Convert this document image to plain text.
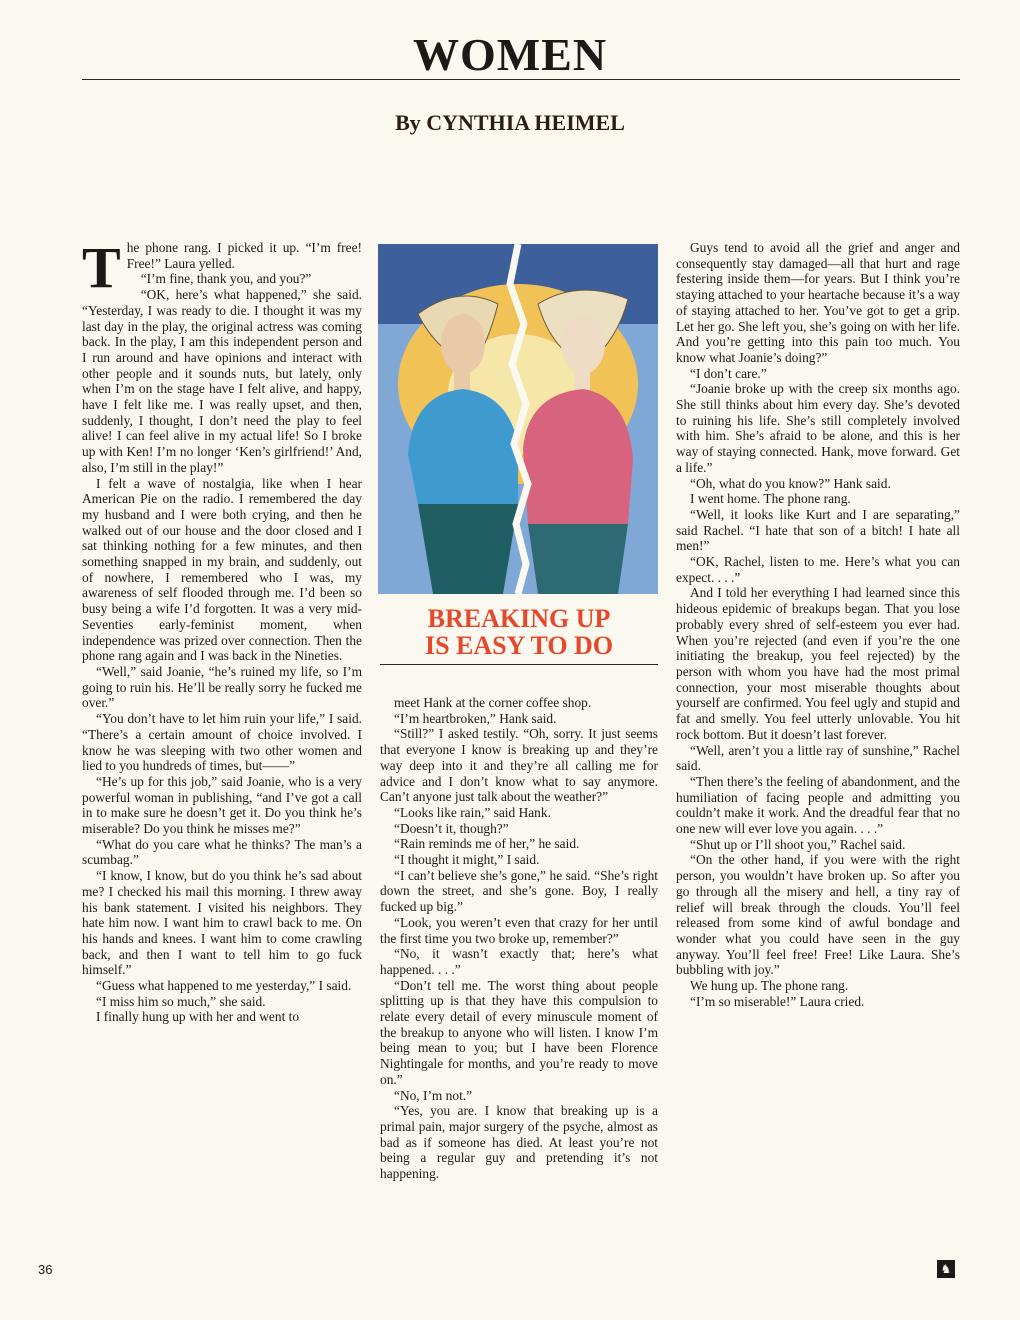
WOMEN
By CYNTHIA HEIMEL
T he phone rang. I picked it up. “I’m free! Free!” Laura yelled.

“I’m fine, thank you, and you?”

“OK, here’s what happened,” she said. “Yesterday, I was ready to die. I thought it was my last day in the play, the original actress was coming back. In the play, I am this independent person and I run around and have opinions and interact with other people and it sounds nuts, but lately, only when I’m on the stage have I felt alive, and happy, have I felt like me. I was really upset, and then, suddenly, I thought, I don’t need the play to feel alive! I can feel alive in my actual life! So I broke up with Ken! I’m no longer ‘Ken’s girlfriend!’ And, also, I’m still in the play!”

I felt a wave of nostalgia, like when I hear American Pie on the radio. I remembered the day my husband and I were both crying, and then he walked out of our house and the door closed and I sat thinking nothing for a few minutes, and then something snapped in my brain, and suddenly, out of nowhere, I remembered who I was, my awareness of self flooded through me. I’d been so busy being a wife I’d forgotten. It was a very mid-Seventies early-feminist moment, when independence was prized over connection. Then the phone rang again and I was back in the Nineties.

“Well,” said Joanie, “he’s ruined my life, so I’m going to ruin his. He’ll be really sorry he fucked me over.”

“You don’t have to let him ruin your life,” I said. “There’s a certain amount of choice involved. I know he was sleeping with two other women and lied to you hundreds of times, but——”

“He’s up for this job,” said Joanie, who is a very powerful woman in publishing, “and I’ve got a call in to make sure he doesn’t get it. Do you think he’s miserable? Do you think he misses me?”

“What do you care what he thinks? The man’s a scumbag.”

“I know, I know, but do you think he’s sad about me? I checked his mail this morning. I threw away his bank statement. I visited his neighbors. They hate him now. I want him to crawl back to me. On his hands and knees. I want him to come crawling back, and then I want to tell him to go fuck himself.”

“Guess what happened to me yesterday,” I said.

“I miss him so much,” she said.

I finally hung up with her and went to

BREAKING UP
IS EASY TO DO

meet Hank at the corner coffee shop.

“I’m heartbroken,” Hank said.

“Still?” I asked testily. “Oh, sorry. It just seems that everyone I know is breaking up and they’re way deep into it and they’re all calling me for advice and I don’t know what to say anymore. Can’t anyone just talk about the weather?”

“Looks like rain,” said Hank.

“Doesn’t it, though?”

“Rain reminds me of her,” he said.

“I thought it might,” I said.

“I can’t believe she’s gone,” he said. “She’s right down the street, and she’s gone. Boy, I really fucked up big.”

“Look, you weren’t even that crazy for her until the first time you two broke up, remember?”

“No, it wasn’t exactly that; here’s what happened. . . .”

“Don’t tell me. The worst thing about people splitting up is that they have this compulsion to relate every detail of every minuscule moment of the breakup to anyone who will listen. I know I’m being mean to you; but I have been Florence Nightingale for months, and you’re ready to move on.”

“No, I’m not.”

“Yes, you are. I know that breaking up is a primal pain, major surgery of the psyche, almost as bad as if someone has died. At least you’re not being a regular guy and pretending it’s not happening.

Guys tend to avoid all the grief and anger and consequently stay damaged—all that hurt and rage festering inside them—for years. But I think you’re staying attached to your heartache because it’s a way of staying attached to her. You’ve got to get a grip. Let her go. She left you, she’s going on with her life. And you’re getting into this pain too much. You know what Joanie’s doing?”

“I don’t care.”

“Joanie broke up with the creep six months ago. She still thinks about him every day. She’s devoted to ruining his life. She’s still completely involved with him. She’s afraid to be alone, and this is her way of staying connected. Hank, move forward. Get a life.”

“Oh, what do you know?” Hank said.

I went home. The phone rang.

“Well, it looks like Kurt and I are separating,” said Rachel. “I hate that son of a bitch! I hate all men!”

“OK, Rachel, listen to me. Here’s what you can expect. . . .”

And I told her everything I had learned since this hideous epidemic of breakups began. That you lose probably every shred of self-esteem you ever had. When you’re rejected (and even if you’re the one initiating the breakup, you feel rejected) by the person with whom you have had the most primal connection, your most miserable thoughts about yourself are confirmed. You feel ugly and stupid and fat and smelly. You feel utterly unlovable. You hit rock bottom. But it doesn’t last forever.

“Well, aren’t you a little ray of sunshine,” Rachel said.

“Then there’s the feeling of abandonment, and the humiliation of facing people and admitting you couldn’t make it work. And the dreadful fear that no one new will ever love you again. . . .”

“Shut up or I’ll shoot you,” Rachel said.

“On the other hand, if you were with the right person, you wouldn’t have broken up. So after you go through all the misery and hell, a tiny ray of relief will break through the clouds. You’ll feel released from some kind of awful bondage and wonder what you could have seen in the guy anyway. You’ll feel free! Free! Like Laura. She’s bubbling with joy.”

We hung up. The phone rang.

“I’m so miserable!” Laura cried.

36	♞
